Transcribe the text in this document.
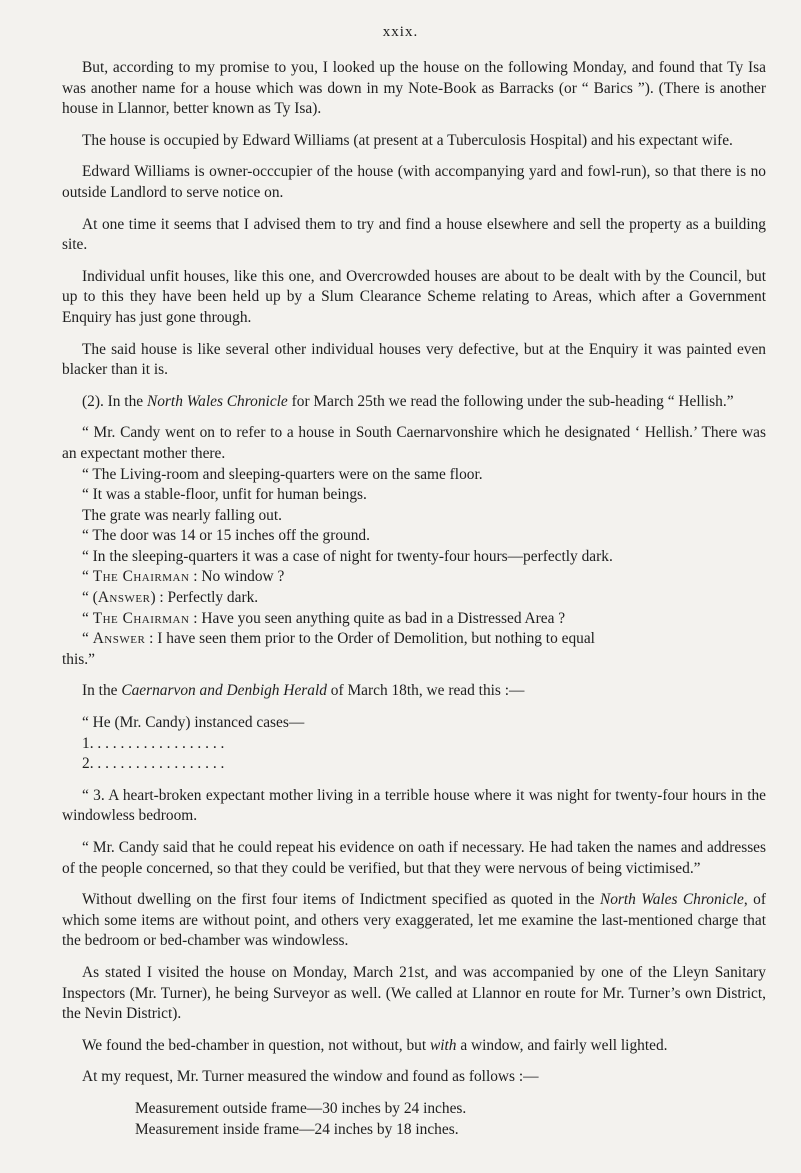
xxix.

But, according to my promise to you, I looked up the house on the following Monday, and found that Ty Isa was another name for a house which was down in my Note-Book as Barracks (or “ Barics ”). (There is another house in Llannor, better known as Ty Isa).

The house is occupied by Edward Williams (at present at a Tuberculosis Hospital) and his expectant wife.

Edward Williams is owner-occcupier of the house (with accompanying yard and fowl-run), so that there is no outside Landlord to serve notice on.

At one time it seems that I advised them to try and find a house elsewhere and sell the property as a building site.

Individual unfit houses, like this one, and Overcrowded houses are about to be dealt with by the Council, but up to this they have been held up by a Slum Clearance Scheme relating to Areas, which after a Government Enquiry has just gone through.

The said house is like several other individual houses very defective, but at the Enquiry it was painted even blacker than it is.

(2). In the North Wales Chronicle for March 25th we read the following under the sub-heading “ Hellish.”

“ Mr. Candy went on to refer to a house in South Caernarvonshire which he designated ‘ Hellish.’ There was an expectant mother there.

“ The Living-room and sleeping-quarters were on the same floor.

“ It was a stable-floor, unfit for human beings.

The grate was nearly falling out.

“ The door was 14 or 15 inches off the ground.

“ In the sleeping-quarters it was a case of night for twenty-four hours—perfectly dark.

“ The Chairman : No window ?

“ (Answer) : Perfectly dark.

“ The Chairman : Have you seen anything quite as bad in a Distressed Area ?

“ Answer : I have seen them prior to the Order of Demolition, but nothing to equal

this.”

In the Caernarvon and Denbigh Herald of March 18th, we read this :—

“ He (Mr. Candy) instanced cases—

1. . . . . . . . . . . . . . . . . .

2. . . . . . . . . . . . . . . . . .

“ 3. A heart-broken expectant mother living in a terrible house where it was night for twenty-four hours in the windowless bedroom.

“ Mr. Candy said that he could repeat his evidence on oath if necessary. He had taken the names and addresses of the people concerned, so that they could be verified, but that they were nervous of being victimised.”

Without dwelling on the first four items of Indictment specified as quoted in the North Wales Chronicle, of which some items are without point, and others very exaggerated, let me examine the last-mentioned charge that the bedroom or bed-chamber was windowless.

As stated I visited the house on Monday, March 21st, and was accompanied by one of the Lleyn Sanitary Inspectors (Mr. Turner), he being Surveyor as well. (We called at Llannor en route for Mr. Turner’s own District, the Nevin District).

We found the bed-chamber in question, not without, but with a window, and fairly well lighted.

At my request, Mr. Turner measured the window and found as follows :—

Measurement outside frame—30 inches by 24 inches.

Measurement inside frame—24 inches by 18 inches.
